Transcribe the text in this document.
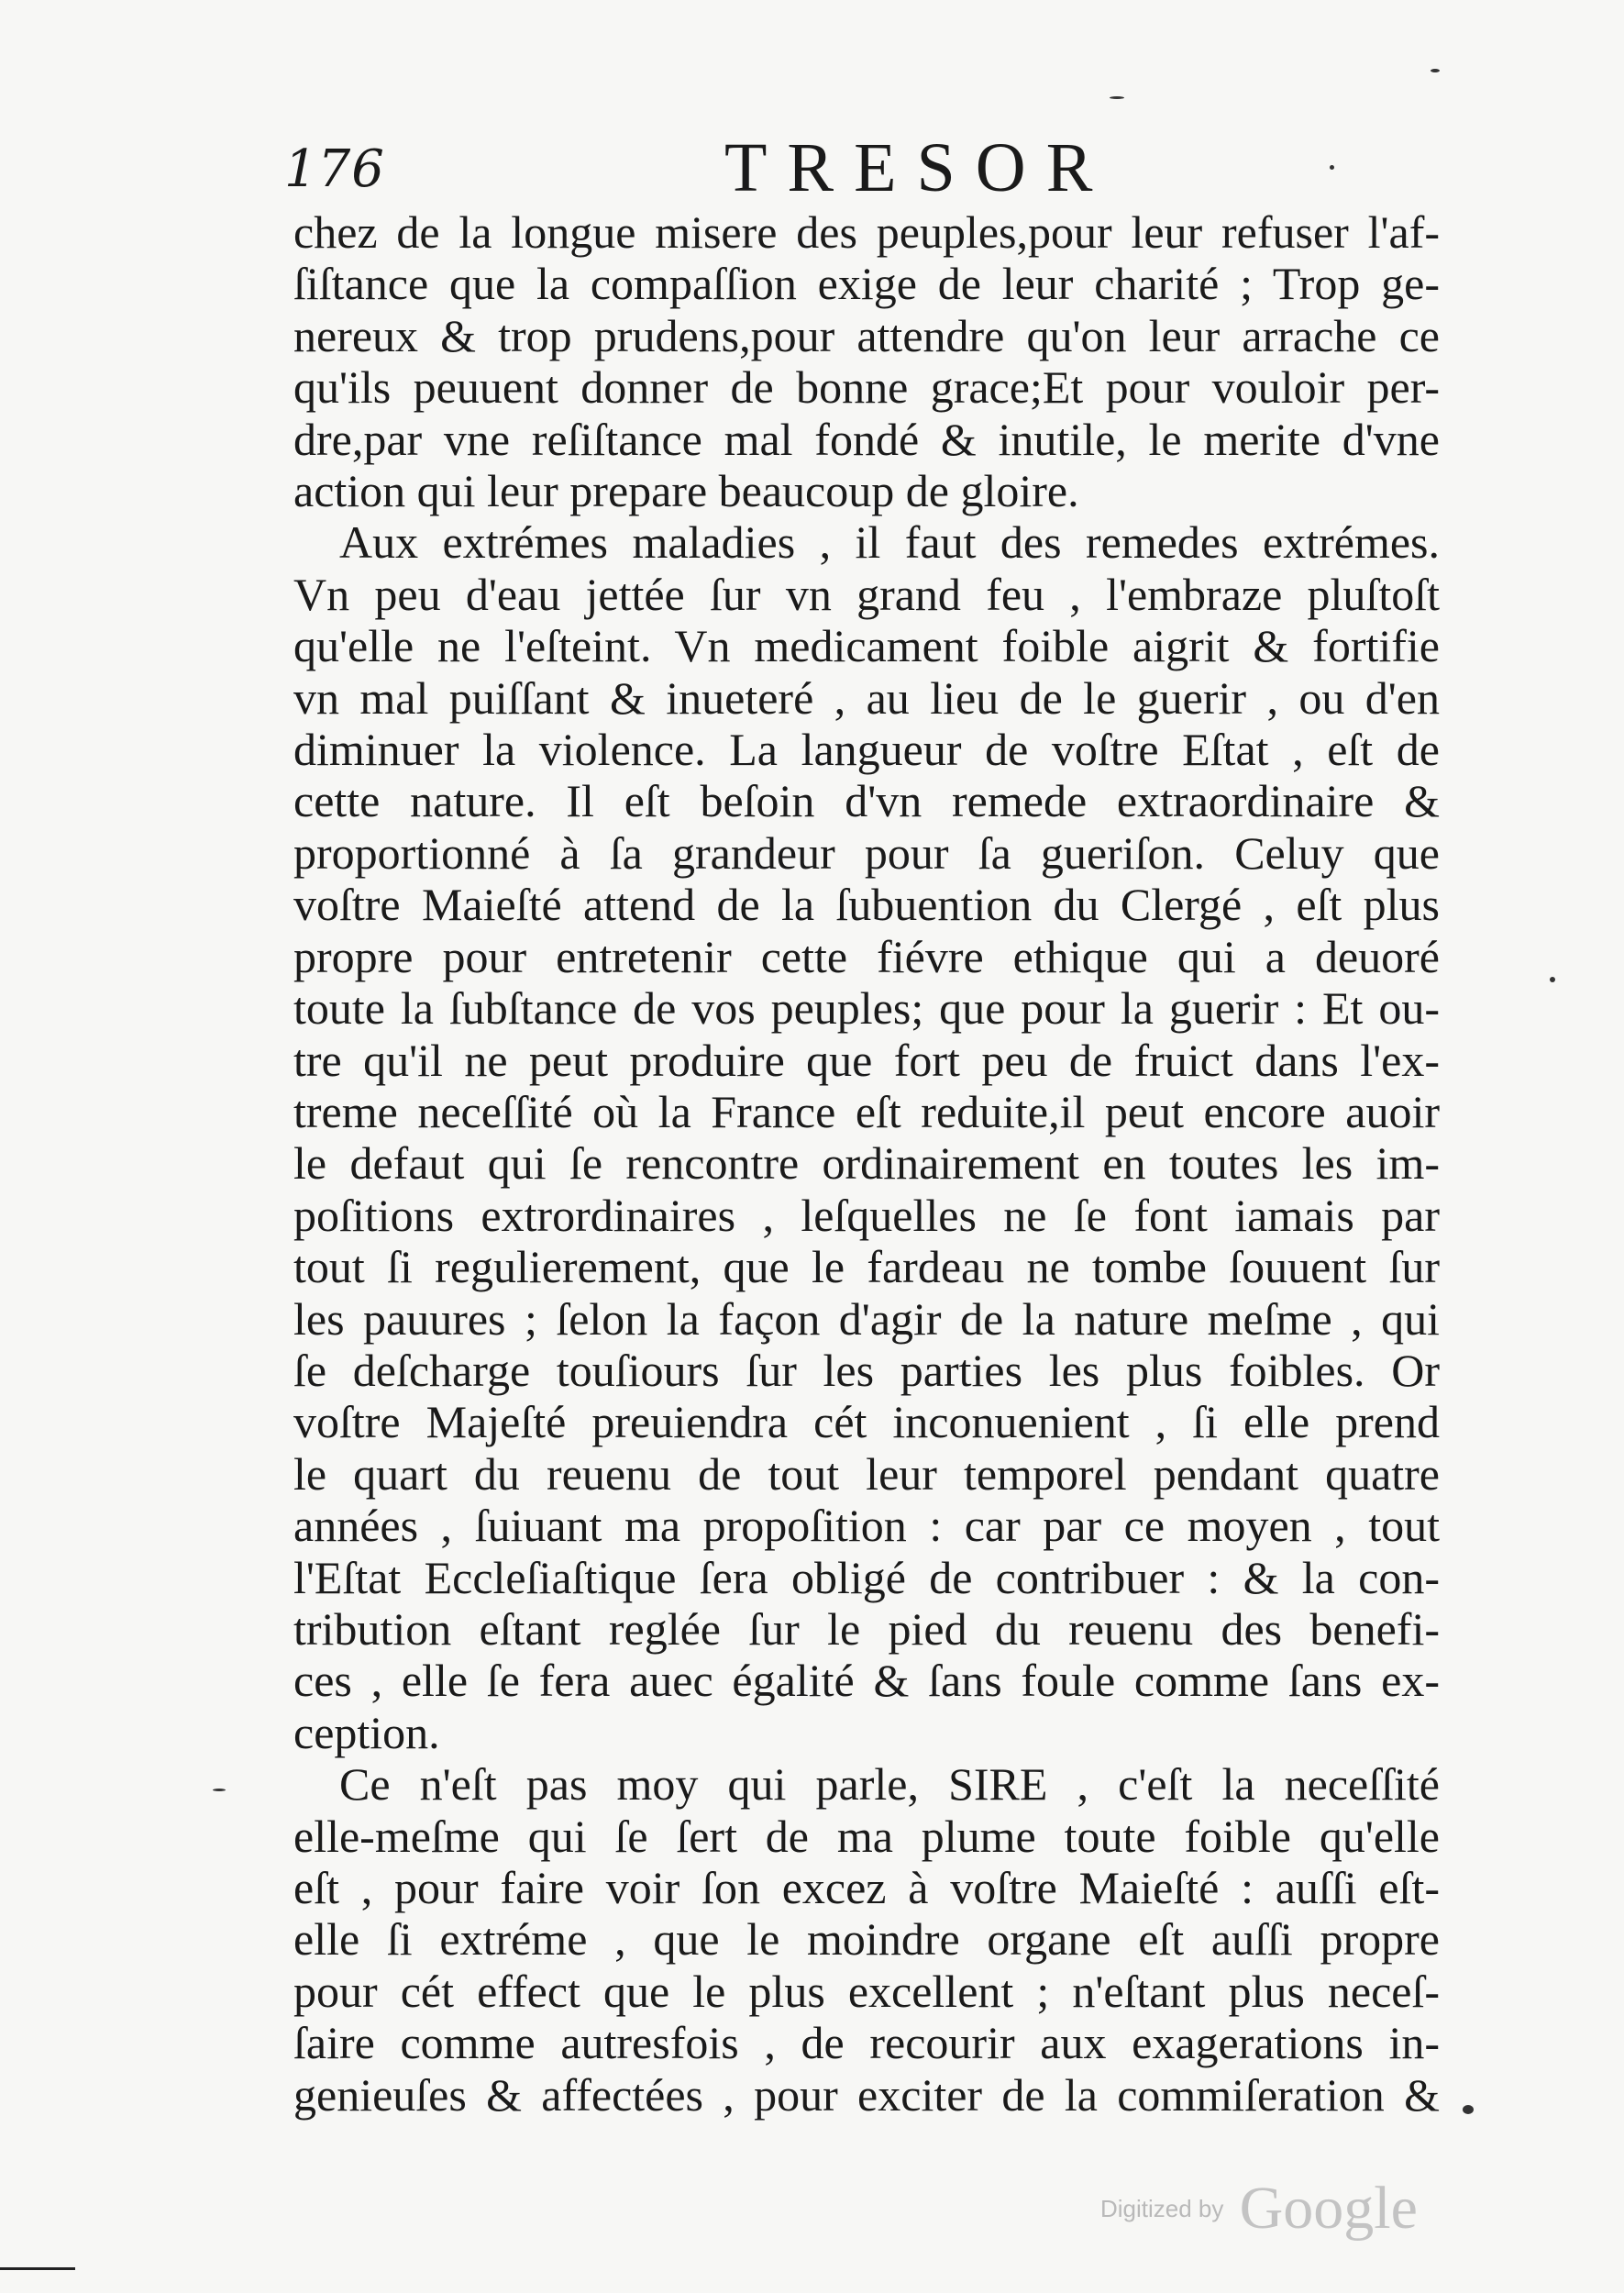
176	TRESOR

chez de la longue misere des peuples,pour leur refuser l'af-
ſiſtance que la compaſſion exige de leur charité ; Trop ge-
nereux & trop prudens,pour attendre qu'on leur arrache ce
qu'ils peuuent donner de bonne grace;Et pour vouloir per-
dre,par vne reſiſtance mal fondé & inutile, le merite d'vne
action qui leur prepare beaucoup de gloire.

Aux extrémes maladies , il faut des remedes extrémes.
Vn peu d'eau jettée ſur vn grand feu , l'embraze pluſtoſt
qu'elle ne l'eſteint. Vn medicament foible aigrit & fortifie
vn mal puiſſant & inueteré , au lieu de le guerir , ou d'en
diminuer la violence. La langueur de voſtre Eſtat , eſt de
cette nature. Il eſt beſoin d'vn remede extraordinaire &
proportionné à ſa grandeur pour ſa gueriſon. Celuy que
voſtre Maieſté attend de la ſubuention du Clergé , eſt plus
propre pour entretenir cette fiévre ethique qui a deuoré
toute la ſubſtance de vos peuples; que pour la guerir : Et ou-
tre qu'il ne peut produire que fort peu de fruict dans l'ex-
treme neceſſité où la France eſt reduite,il peut encore auoir
le defaut qui ſe rencontre ordinairement en toutes les im-
poſitions extrordinaires , leſquelles ne ſe font iamais par
tout ſi regulierement, que le fardeau ne tombe ſouuent ſur
les pauures ; ſelon la façon d'agir de la nature meſme , qui
ſe deſcharge touſiours ſur les parties les plus foibles. Or
voſtre Majeſté preuiendra cét inconuenient , ſi elle prend
le quart du reuenu de tout leur temporel pendant quatre
années , ſuiuant ma propoſition : car par ce moyen , tout
l'Eſtat Eccleſiaſtique ſera obligé de contribuer : & la con-
tribution eſtant reglée ſur le pied du reuenu des benefi-
ces , elle ſe fera auec égalité & ſans foule comme ſans ex-
ception.

Ce n'eſt pas moy qui parle, SIRE , c'eſt la neceſſité
elle-meſme qui ſe ſert de ma plume toute foible qu'elle
eſt , pour faire voir ſon excez à voſtre Maieſté : auſſi eſt-
elle ſi extréme , que le moindre organe eſt auſſi propre
pour cét effect que le plus excellent ; n'eſtant plus neceſ-
ſaire comme autresfois , de recourir aux exagerations in-
genieuſes & affectées , pour exciter de la commiſeration &

Digitized by Google
